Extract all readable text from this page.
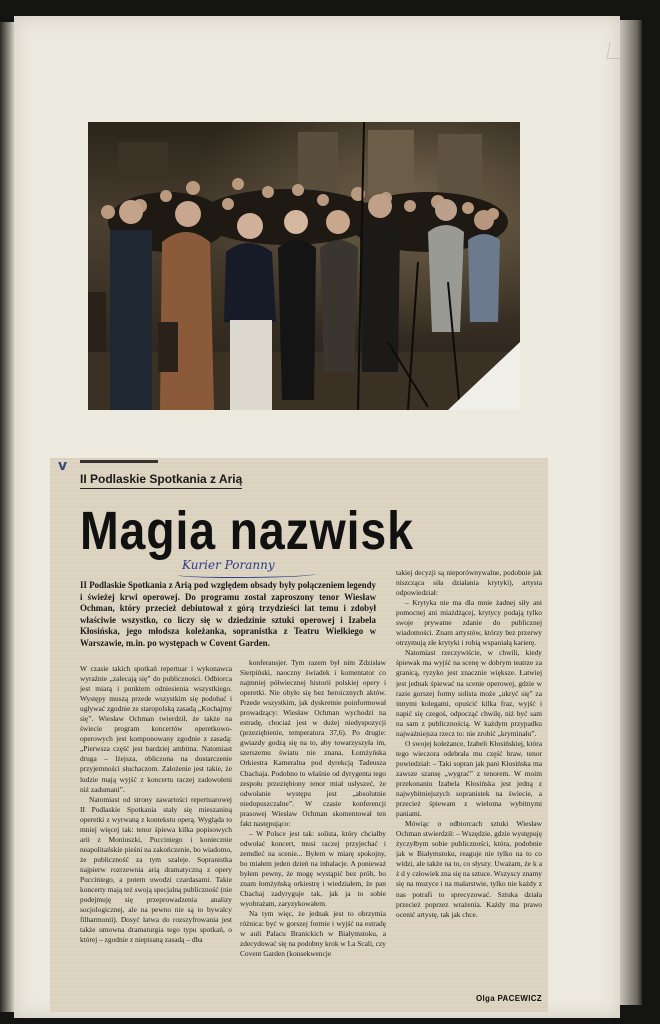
v
II Podlaskie Spotkania z Arią
Magia nazwisk
Kurier Poranny
II Podlaskie Spotkania z Arią pod względem obsady były połączeniem legendy i świeżej krwi operowej. Do programu został zaproszony tenor Wiesław Ochman, który przecież debiutował z górą trzydzieści lat temu i zdobył właściwie wszystko, co liczy się w dziedzinie sztuki operowej i Izabela Kłosińska, jego młodsza koleżanka, sopranistka z Teatru Wielkiego w Warszawie, m.in. po występach w Covent Garden.

W czasie takich spotkań repertuar i wykonawca wyraźnie „zalecają się” do publiczności. Odbiorca jest miarą i punktem odniesienia wszystkiego. Występy muszą przede wszystkim się podobać i ugływać zgodnie ze staropolską zasadą „Kochajmy się”. Wiesław Ochman twierdził, że także na świecie program koncertów operetkowo-operowych jest komponowany zgodnie z zasadą: „Pierwsza część jest bardziej ambitna. Natomiast druga – lżejsza, obliczona na dostarczenie przyjemności słuchaczom. Założenie jest takie, że ludzie mają wyjść z koncertu raczej zadowoleni niż zadumani”.

Natomiast od strony zawartości repertuarowej II Podlaskie Spotkania stały się mieszaniną operetki z wyrwaną z kontekstu operą. Wygląda to mniej więcej tak: tenor śpiewa kilka popisowych arii z Moniuszki, Pucciniego i koniecznie neapolitańskie pieśni na zakończenie, bo wiadomo, że publiczność za tym szaleje. Sopranistka najpierw rozrzewnia arią dramatyczną z opery Pucciniego, a potem uwodzi czardasami. Takie koncerty mają też swoją specjalną publiczność (nie podejmuję się przeprowadzenia analizy socjologicznej, ale na pewno nie są to bywalcy filharmonii). Dosyć łatwa do rozszyfrowania jest także umowna dramaturgia tego typu spotkań, o której – zgodnie z niepisaną zasadą – dba

konferansjer. Tym razem był nim Zdzisław Sierpiński, naoczny świadek i komentator co najmniej półwiecznej historii polskiej opery i operetki. Nie obyło się bez heroicznych aktów. Przede wszystkim, jak dyskretnie poinformował prowadzący: Wiesław Ochman wychodzi na estradę, chociaż jest w dużej niedyspozycji (przeziębienie, temperatura 37,6). Po drugie: gwiazdy godzą się na to, aby towarzyszyła im, szerszemu światu nie znana, Łomżyńska Orkiestra Kameralna pod dyrekcją Tadeusza Chachaja. Podobno to właśnie od dyrygenta tego zespołu przeziębiony tenor miał usłyszeć, że odwołanie występu jest „absolutnie niedopuszczalne”. W czasie konferencji prasowej Wiesław Ochman skomentował ten fakt następująco:

– W Polsce jest tak: solista, który chciałby odwołać koncert, musi raczej przyjechać i zemdleć na scenie... Byłem w miarę spokojny, bo miałem jeden dzień na inhalacje. A ponieważ byłem pewny, że mogę wystąpić bez prób, bo znam łomżyńską orkiestrę i wiedziałem, że pan Chachaj zadyryguje tak, jak ja to sobie wyobrażam, zaryzykowałem.

Na tym więc, że jednak jest to obrzymia różnica: być w gorszej formie i wyjść na estradę w auli Pałacu Branickich w Białymstoku, a zdecydować się na podobny krok w La Scali, czy Covent Garden (konsekwencje

takiej decyzji są nieporównywalne, podobnie jak niszcząca siła działania krytyki), artysta odpowiedział:

– Krytyka nie ma dla mnie żadnej siły ani pomocnej ani miażdżącej, krytycy podają tylko swoje prywatne zdanie do publicznej wiadomości. Znam artystów, którzy bez przerwy otrzymują złe krytyki i robią wspaniałą karierę.

Natomiast rzeczywiście, w chwili, kiedy śpiewak ma wyjść na scenę w dobrym teatrze za granicą, ryzyko jest znacznie większe. Łatwiej jest jednak śpiewać na scenie operowej, gdzie w razie gorszej formy solista może „ukryć się” za innymi kolegami, opuścić kilka fraz, wyjść i napić się czegoś, odpocząć chwilę, niż być sam na sam z publicznością. W każdym przypadku najważniejsza rzecz to: nie zrobić „kryminału”.

O swojej koleżance, Izabeli Kłosińskiej, która tego wieczora odebrała mu część braw, tenor powiedział: – Taki sopran jak pani Kłosińska ma zawsze szansę „wygrać” z tenorem. W moim przekonaniu Izabela Kłosińska jest jedną z najwybitniejszych sopranistek na świecie, a przecież śpiewam z wieloma wybitnymi paniami.

Mówiąc o odbiorcach sztuki Wiesław Ochman stwierdził: – Wszędzie, gdzie występuję życzyłbym sobie publiczności, która, podobnie jak w Białymstoku, reaguje nie tylko na to co widzi, ale także na to, co słyszy. Uważam, że k a ż d y człowiek zna się na sztuce. Wszyscy znamy się na muzyce i na malarstwie, tylko nie każdy z nas potrafi to sprecyzować. Sztuka działa przecież poprzez wrażenia. Każdy ma prawo ocenić artystę, tak jak chce.

Olga PACEWICZ
